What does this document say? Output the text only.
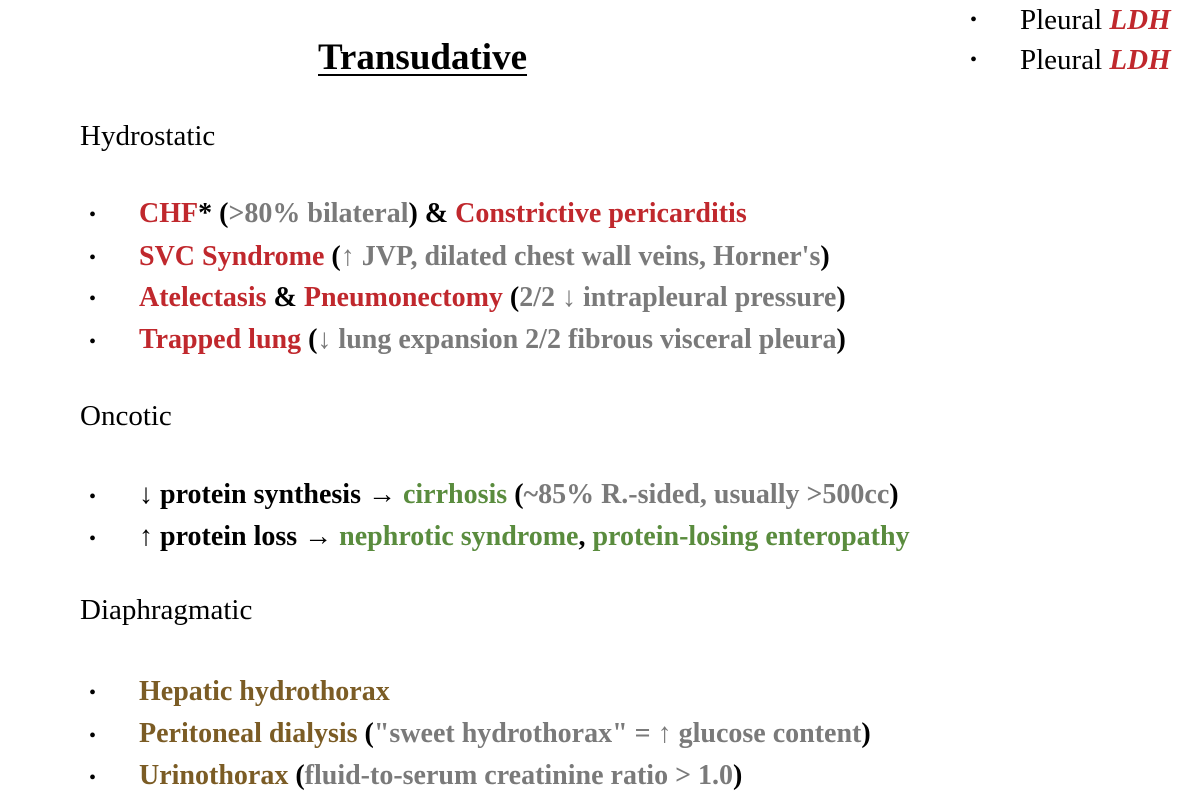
• Pleural LDH
• Pleural LDH
Transudative
Hydrostatic
• CHF* (>80% bilateral) & Constrictive pericarditis
• SVC Syndrome (↑ JVP, dilated chest wall veins, Horner's)
• Atelectasis & Pneumonectomy (2/2 ↓ intrapleural pressure)
• Trapped lung (↓ lung expansion 2/2 fibrous visceral pleura)
Oncotic
• ↓ protein synthesis → cirrhosis (~85% R.-sided, usually >500cc)
• ↑ protein loss → nephrotic syndrome, protein-losing enteropathy
Diaphragmatic
• Hepatic hydrothorax
• Peritoneal dialysis ("sweet hydrothorax" = ↑ glucose content)
• Urinothorax (fluid-to-serum creatinine ratio > 1.0)
